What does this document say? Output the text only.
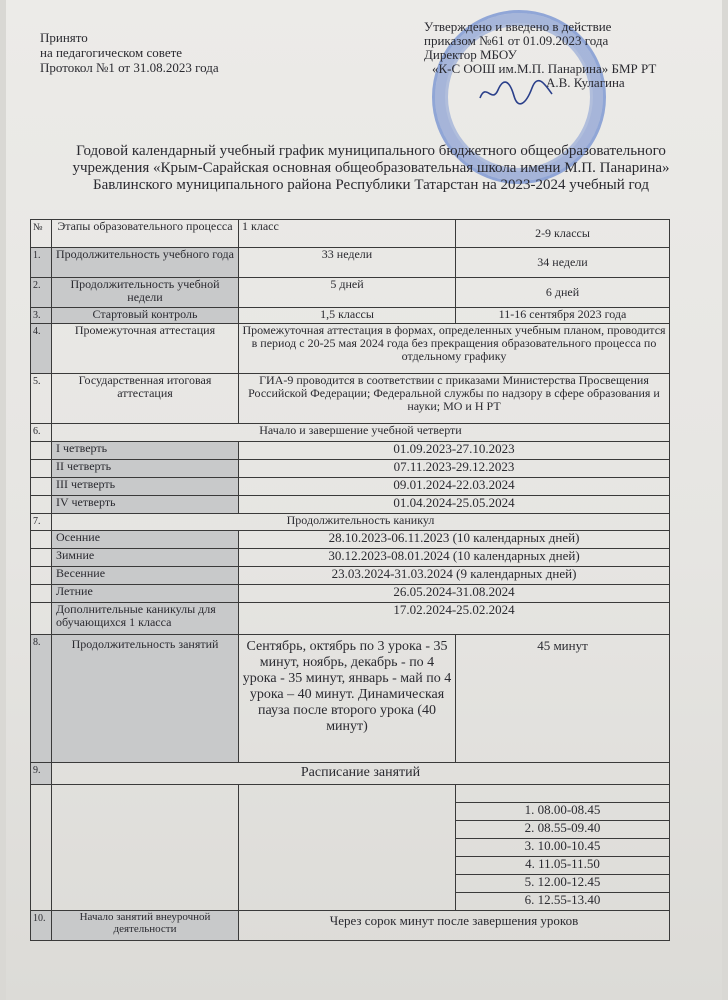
Принято
на педагогическом совете
Протокол №1 от 31.08.2023 года
Утверждено и введено в действие
приказом №61 от 01.09.2023 года
Директор МБОУ
«К-С ООШ им.М.П. Панарина» БМР РТ
А.В. Кулагина
Годовой календарный учебный график муниципального бюджетного общеобразовательного учреждения «Крым-Сарайская основная общеобразовательная школа имени М.П. Панарина» Бавлинского муниципального района Республики Татарстан на 2023-2024 учебный год
№	Этапы образовательного процесса	1 класс	2-9 классы
1.	Продолжительность учебного года	33 недели	34 недели
2.	Продолжительность учебной недели	5 дней	6 дней
3.	Стартовый контроль	1,5 классы	11-16 сентября 2023 года
4.	Промежуточная аттестация	Промежуточная аттестация в формах, определенных учебным планом, проводится в период с 20-25 мая 2024 года без прекращения образовательного процесса по отдельному графику	
5.	Государственная итоговая аттестация	ГИА-9 проводится в соответствии с приказами Министерства Просвещения Российской Федерации; Федеральной службы по надзору в сфере образования и науки; МО и Н РТ	
6.	Начало и завершение учебной четверти		
	I четверть	01.09.2023-27.10.2023	
	II четверть	07.11.2023-29.12.2023	
	III четверть	09.01.2024-22.03.2024	
	IV четверть	01.04.2024-25.05.2024	
7.	Продолжительность каникул		
	Осенние	28.10.2023-06.11.2023 (10 календарных дней)	
	Зимние	30.12.2023-08.01.2024 (10 календарных дней)	
	Весенние	23.03.2024-31.03.2024 (9 календарных дней)	
	Летние	26.05.2024-31.08.2024	
	Дополнительные каникулы для обучающихся 1 класса	17.02.2024-25.02.2024	
8.	Продолжительность занятий	Сентябрь, октябрь по 3 урока - 35 минут, ноябрь, декабрь - по 4 урока - 35 минут, январь - май по 4 урока – 40 минут. Динамическая пауза после второго урока (40 минут)	45 минут
9.	Расписание занятий		

			1. 08.00-08.45
			2. 08.55-09.40
			3. 10.00-10.45
			4. 11.05-11.50
			5. 12.00-12.45
			6. 12.55-13.40
10.	Начало занятий внеурочной деятельности	Через сорок минут после завершения уроков	
